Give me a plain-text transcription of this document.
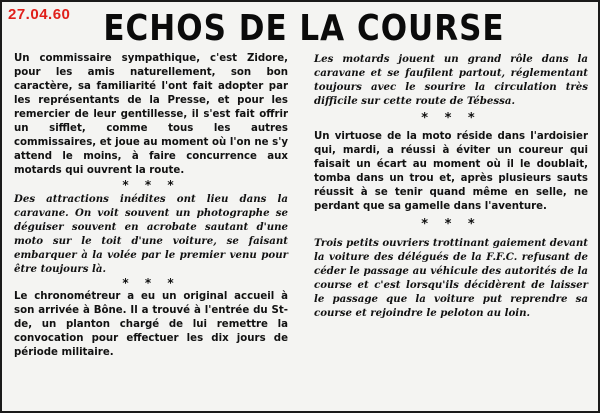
27.04.60	ECHOS DE LA COURSE

Un commissaire sympathique, c'est Zidore, pour les amis naturellement, son bon caractère, sa familiarité l'ont fait adopter par les représentants de la Presse, et pour les remercier de leur gentillesse, il s'est fait offrir un sifflet, comme tous les autres commissaires, et joue au moment où l'on ne s'y attend le moins, à faire concurrence aux motards qui ouvrent la route.

* * *

Des attractions inédites ont lieu dans la caravane. On voit souvent un photographe se déguiser souvent en acrobate sautant d'une moto sur le toit d'une voiture, se faisant embarquer à la volée par le premier venu pour être toujours là.

* * *

Le chronométreur a eu un original accueil à son arrivée à Bône. Il a trouvé à l'entrée du St-de, un planton chargé de lui remettre la convocation pour effectuer les dix jours de période militaire.

Les motards jouent un grand rôle dans la caravane et se faufilent partout, réglementant toujours avec le sourire la circulation très difficile sur cette route de Tébessa.

* * *

Un virtuose de la moto réside dans l'ardoisier qui, mardi, a réussi à éviter un coureur qui faisait un écart au moment où il le doublait, tomba dans un trou et, après plusieurs sauts réussit à se tenir quand même en selle, ne perdant que sa gamelle dans l'aventure.

* * *

Trois petits ouvriers trottinant gaiement devant la voiture des délégués de la F.F.C. refusant de céder le passage au véhicule des autorités de la course et c'est lorsqu'ils décidèrent de laisser le passage que la voiture put reprendre sa course et rejoindre le peloton au loin.
